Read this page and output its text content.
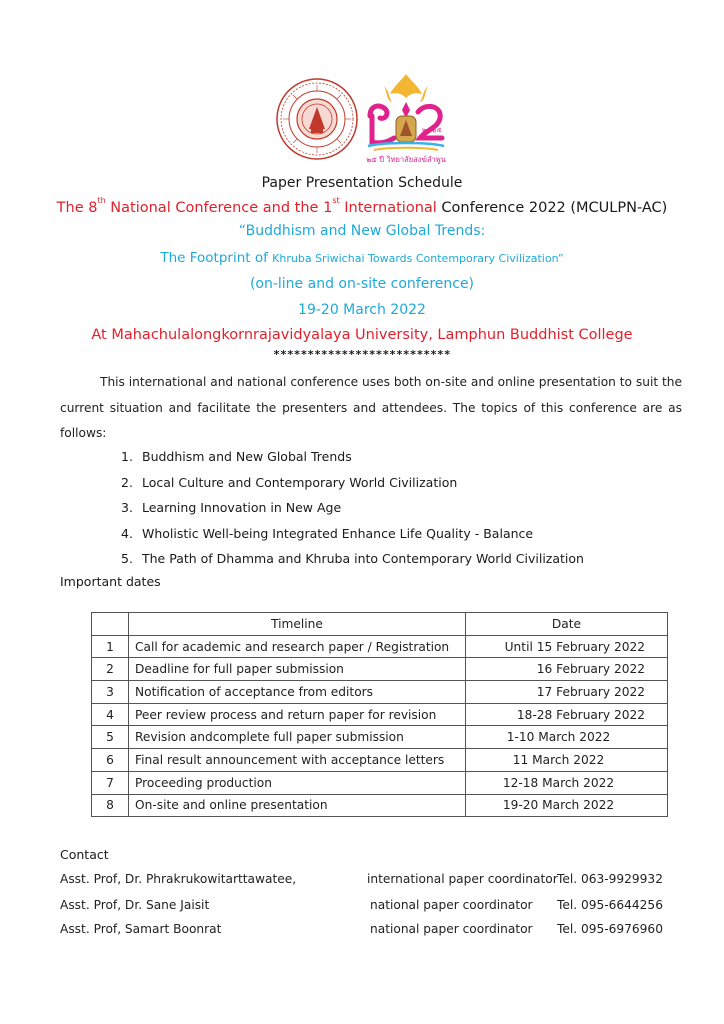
๒๕๖๕
๒๕ ปี วิทยาลัยสงฆ์ลำพูน
Paper Presentation Schedule
The 8th National Conference and the 1st International Conference 2022 (MCULPN-AC)
“Buddhism and New Global Trends:
The Footprint of Khruba Sriwichai Towards Contemporary Civilization”
(on-line and on-site conference)
19-20 March 2022
At Mahachulalongkornrajavidyalaya University, Lamphun Buddhist College
**************************
This international and national conference uses both on-site and online presentation to suit the current situation and facilitate the presenters and attendees. The topics of this conference are as follows:
1. Buddhism and New Global Trends
2. Local Culture and Contemporary World Civilization
3. Learning Innovation in New Age
4. Wholistic Well-being Integrated Enhance Life Quality - Balance
5. The Path of Dhamma and Khruba into Contemporary World Civilization
Important dates
	Timeline	Date
1	Call for academic and research paper / Registration	Until 15 February 2022
2	Deadline for full paper submission	16 February 2022
3	Notification of acceptance from editors	17 February 2022
4	Peer review process and return paper for revision	18-28 February 2022
5	Revision andcomplete full paper submission	1-10 March 2022
6	Final result announcement with acceptance letters	11 March 2022
7	Proceeding production	12-18 March 2022
8	On-site and online presentation	19-20 March 2022
Contact
Asst. Prof, Dr. Phrakrukowitarttawatee,	international paper coordinator Tel. 063-9929932
Asst. Prof, Dr. Sane Jaisit	national paper coordinator Tel. 095-6644256
Asst. Prof, Samart Boonrat	national paper coordinator Tel. 095-6976960
